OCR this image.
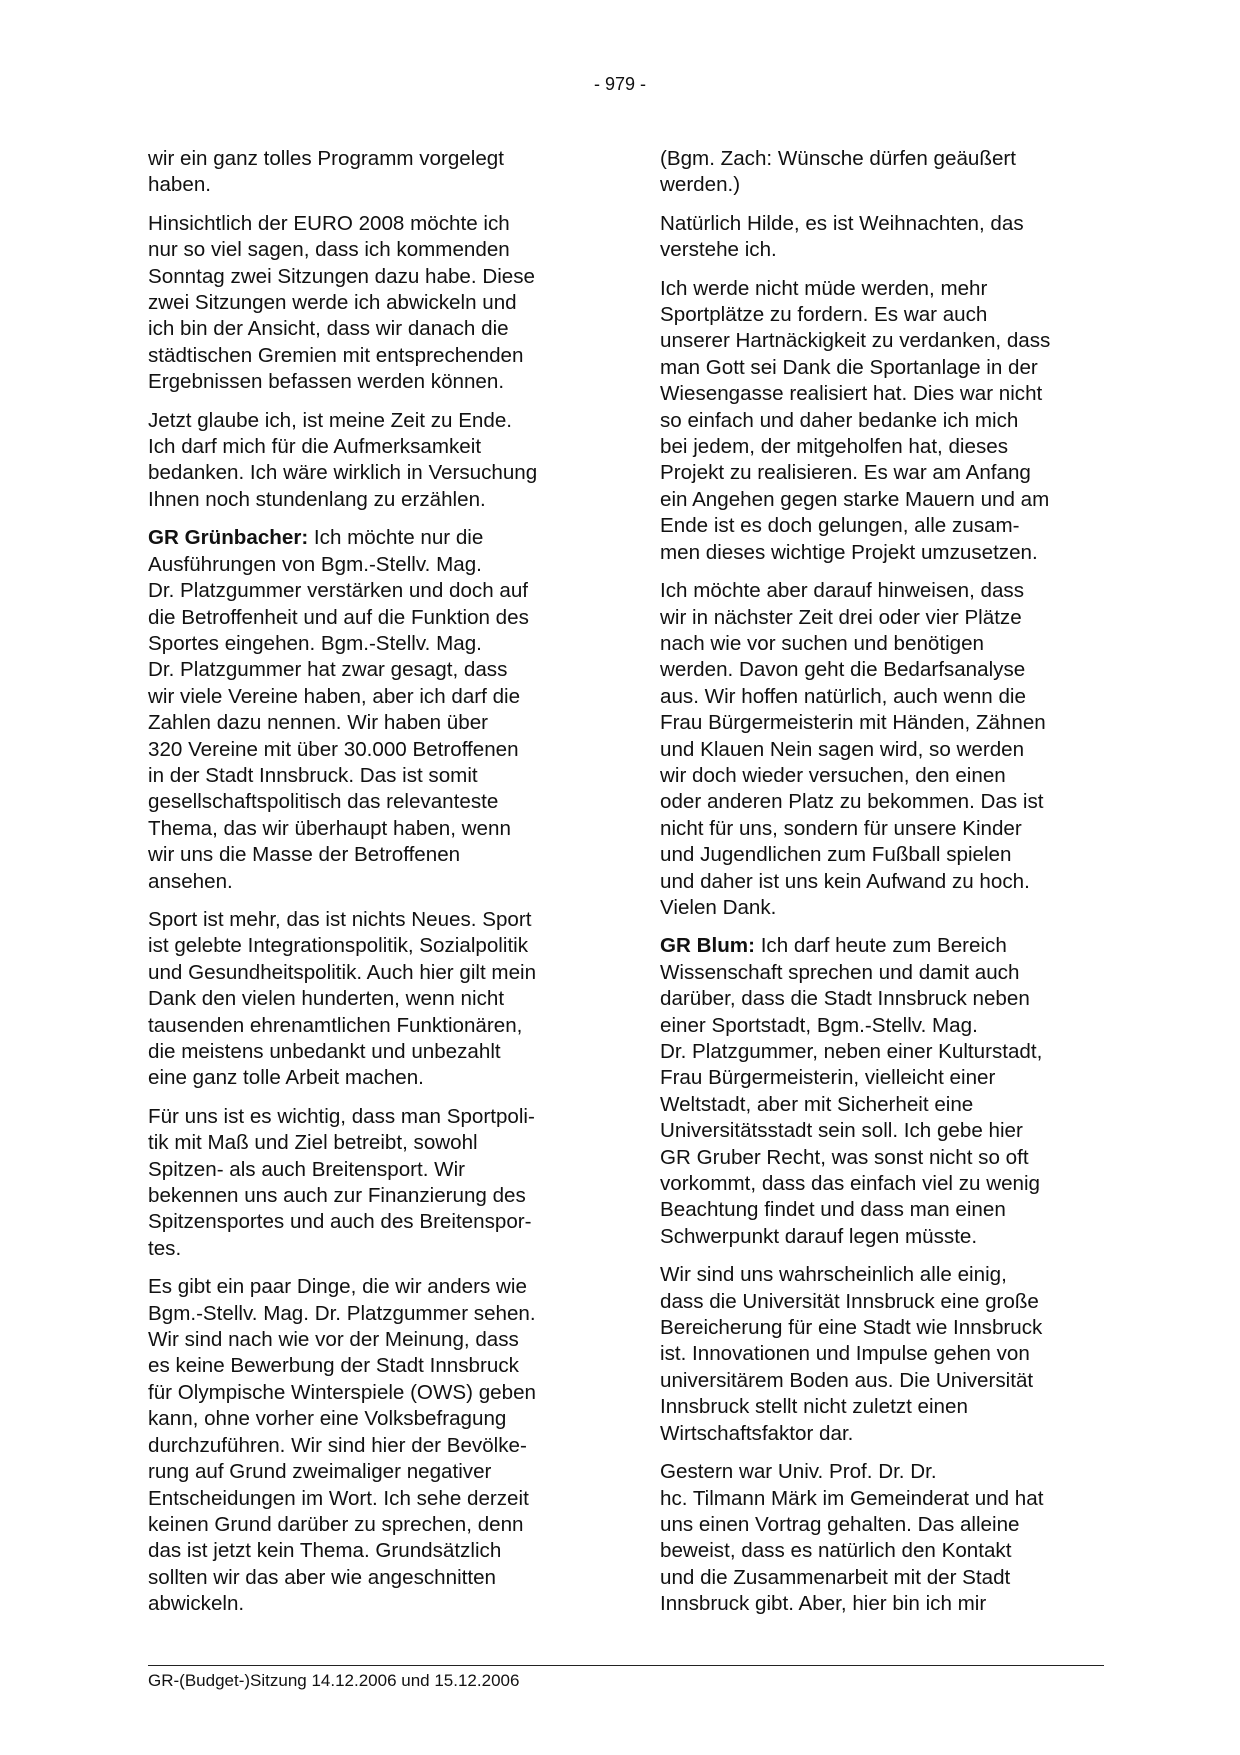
- 979 -

wir ein ganz tolles Programm vorgelegt
haben.

Hinsichtlich der EURO 2008 möchte ich
nur so viel sagen, dass ich kommenden
Sonntag zwei Sitzungen dazu habe. Diese
zwei Sitzungen werde ich abwickeln und
ich bin der Ansicht, dass wir danach die
städtischen Gremien mit entsprechenden
Ergebnissen befassen werden können.

Jetzt glaube ich, ist meine Zeit zu Ende.
Ich darf mich für die Aufmerksamkeit
bedanken. Ich wäre wirklich in Versuchung
Ihnen noch stundenlang zu erzählen.

GR Grünbacher: Ich möchte nur die
Ausführungen von Bgm.-Stellv. Mag.
Dr. Platzgummer verstärken und doch auf
die Betroffenheit und auf die Funktion des
Sportes eingehen. Bgm.-Stellv. Mag.
Dr. Platzgummer hat zwar gesagt, dass
wir viele Vereine haben, aber ich darf die
Zahlen dazu nennen. Wir haben über
320 Vereine mit über 30.000 Betroffenen
in der Stadt Innsbruck. Das ist somit
gesellschaftspolitisch das relevanteste
Thema, das wir überhaupt haben, wenn
wir uns die Masse der Betroffenen
ansehen.

Sport ist mehr, das ist nichts Neues. Sport
ist gelebte Integrationspolitik, Sozialpolitik
und Gesundheitspolitik. Auch hier gilt mein
Dank den vielen hunderten, wenn nicht
tausenden ehrenamtlichen Funktionären,
die meistens unbedankt und unbezahlt
eine ganz tolle Arbeit machen.

Für uns ist es wichtig, dass man Sportpoli-
tik mit Maß und Ziel betreibt, sowohl
Spitzen- als auch Breitensport. Wir
bekennen uns auch zur Finanzierung des
Spitzensportes und auch des Breitenspor-
tes.

Es gibt ein paar Dinge, die wir anders wie
Bgm.-Stellv. Mag. Dr. Platzgummer sehen.
Wir sind nach wie vor der Meinung, dass
es keine Bewerbung der Stadt Innsbruck
für Olympische Winterspiele (OWS) geben
kann, ohne vorher eine Volksbefragung
durchzuführen. Wir sind hier der Bevölke-
rung auf Grund zweimaliger negativer
Entscheidungen im Wort. Ich sehe derzeit
keinen Grund darüber zu sprechen, denn
das ist jetzt kein Thema. Grundsätzlich
sollten wir das aber wie angeschnitten
abwickeln.

(Bgm. Zach: Wünsche dürfen geäußert
werden.)

Natürlich Hilde, es ist Weihnachten, das
verstehe ich.

Ich werde nicht müde werden, mehr
Sportplätze zu fordern. Es war auch
unserer Hartnäckigkeit zu verdanken, dass
man Gott sei Dank die Sportanlage in der
Wiesengasse realisiert hat. Dies war nicht
so einfach und daher bedanke ich mich
bei jedem, der mitgeholfen hat, dieses
Projekt zu realisieren. Es war am Anfang
ein Angehen gegen starke Mauern und am
Ende ist es doch gelungen, alle zusam-
men dieses wichtige Projekt umzusetzen.

Ich möchte aber darauf hinweisen, dass
wir in nächster Zeit drei oder vier Plätze
nach wie vor suchen und benötigen
werden. Davon geht die Bedarfsanalyse
aus. Wir hoffen natürlich, auch wenn die
Frau Bürgermeisterin mit Händen, Zähnen
und Klauen Nein sagen wird, so werden
wir doch wieder versuchen, den einen
oder anderen Platz zu bekommen. Das ist
nicht für uns, sondern für unsere Kinder
und Jugendlichen zum Fußball spielen
und daher ist uns kein Aufwand zu hoch.
Vielen Dank.

GR Blum: Ich darf heute zum Bereich
Wissenschaft sprechen und damit auch
darüber, dass die Stadt Innsbruck neben
einer Sportstadt, Bgm.-Stellv. Mag.
Dr. Platzgummer, neben einer Kulturstadt,
Frau Bürgermeisterin, vielleicht einer
Weltstadt, aber mit Sicherheit eine
Universitätsstadt sein soll. Ich gebe hier
GR Gruber Recht, was sonst nicht so oft
vorkommt, dass das einfach viel zu wenig
Beachtung findet und dass man einen
Schwerpunkt darauf legen müsste.

Wir sind uns wahrscheinlich alle einig,
dass die Universität Innsbruck eine große
Bereicherung für eine Stadt wie Innsbruck
ist. Innovationen und Impulse gehen von
universitärem Boden aus. Die Universität
Innsbruck stellt nicht zuletzt einen
Wirtschaftsfaktor dar.

Gestern war Univ. Prof. Dr. Dr.
hc. Tilmann Märk im Gemeinderat und hat
uns einen Vortrag gehalten. Das alleine
beweist, dass es natürlich den Kontakt
und die Zusammenarbeit mit der Stadt
Innsbruck gibt. Aber, hier bin ich mir

GR-(Budget-)Sitzung 14.12.2006 und 15.12.2006
